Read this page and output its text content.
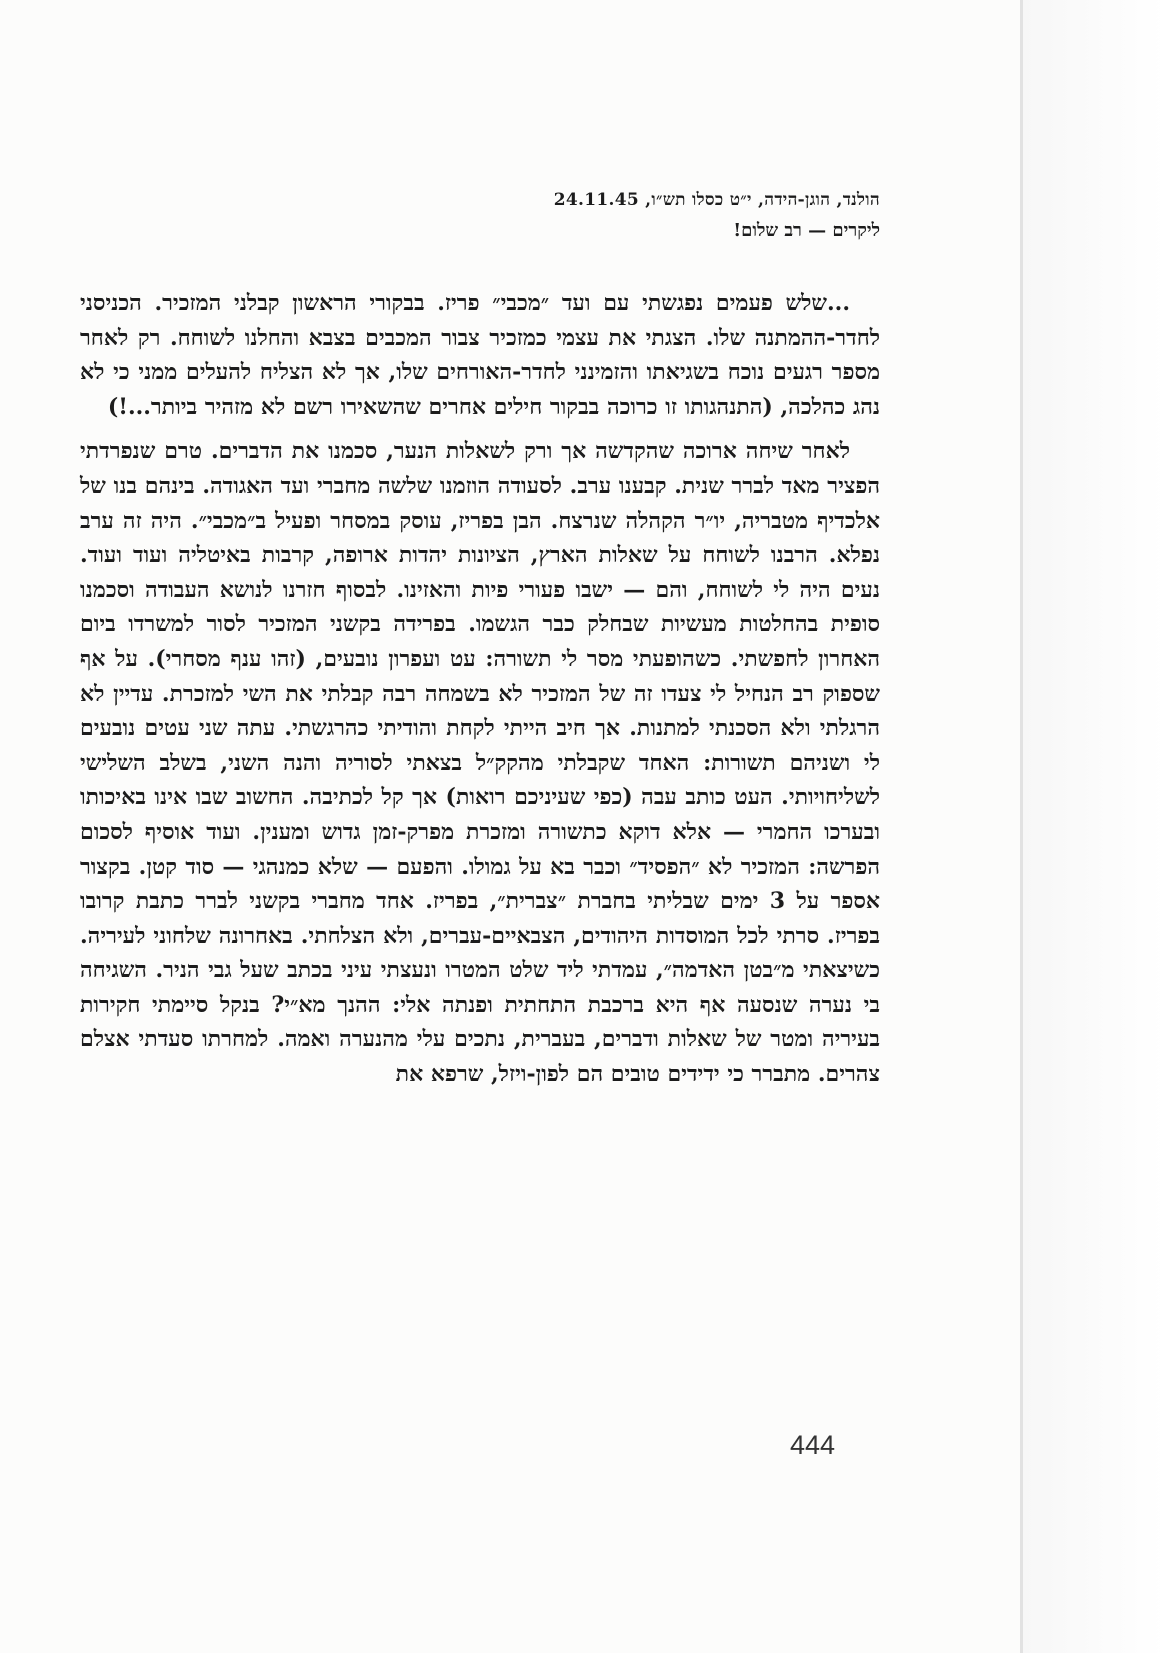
הולנד, הוגן-הידה, י״ט כסלו תש״ו, 24.11.45
ליקרים — רב שלום!

...שלש פעמים נפגשתי עם ועד ״מכבי״ פריז. בבקורי הראשון קבלני המזכיר. הכניסני לחדר-ההמתנה שלו. הצגתי את עצמי כמזכיר צבור המכבים בצבא והחלנו לשוחח. רק לאחר מספר רגעים נוכח בשגיאתו והזמינני לחדר-האורחים שלו, אך לא הצליח להעלים ממני כי לא נהג כהלכה, (התנהגותו זו כרוכה בבקור חילים אחרים שהשאירו רשם לא מזהיר ביותר...!)

לאחר שיחה ארוכה שהקדשה אך ורק לשאלות הנער, סכמנו את הדברים. טרם שנפרדתי הפציר מאד לברר שנית. קבענו ערב. לסעודה הוזמנו שלשה מחברי ועד האגודה. בינהם בנו של אלכדיף מטבריה, יו״ר הקהלה שנרצח. הבן בפריז, עוסק במסחר ופעיל ב״מכבי״. היה זה ערב נפלא. הרבנו לשוחח על שאלות הארץ, הציונות יהדות ארופה, קרבות באיטליה ועוד ועוד. נעים היה לי לשוחח, והם — ישבו פעורי פיות והאזינו. לבסוף חזרנו לנושא העבודה וסכמנו סופית בהחלטות מעשיות שבחלק כבר הגשמו. בפרידה בקשני המזכיר לסור למשרדו ביום האחרון לחפשתי. כשהופעתי מסר לי תשורה: עט ועפרון נובעים, (זהו ענף מסחרי). על אף שספוק רב הנחיל לי צעדו זה של המזכיר לא בשמחה רבה קבלתי את השי למזכרת. עדיין לא הרגלתי ולא הסכנתי למתנות. אך חיב הייתי לקחת והודיתי כהרגשתי. עתה שני עטים נובעים לי ושניהם תשורות: האחד שקבלתי מהקק״ל בצאתי לסוריה והנה השני, בשלב השלישי לשליחויותי. העט כותב עבה (כפי שעיניכם רואות) אך קל לכתיבה. החשוב שבו אינו באיכותו ובערכו החמרי — אלא דוקא כתשורה ומזכרת מפרק-זמן גדוש ומענין. ועוד אוסיף לסכום הפרשה: המזכיר לא ״הפסיד״ וכבר בא על גמולו. והפעם — שלא כמנהגי — סוד קטן. בקצור אספר על 3 ימים שבליתי בחברת ״צברית״, בפריז. אחד מחברי בקשני לברר כתבת קרובו בפריז. סרתי לכל המוסדות היהודים, הצבאיים-עברים, ולא הצלחתי. באחרונה שלחוני לעיריה. כשיצאתי מ״בטן האדמה״, עמדתי ליד שלט המטרו ונעצתי עיני בכתב שעל גבי הניר. השגיחה בי נערה שנסעה אף היא ברכבת התחתית ופנתה אלי: ההנך מא״י? בנקל סיימתי חקירות בעיריה ומטר של שאלות ודברים, בעברית, נתכים עלי מהנערה ואמה. למחרתו סעדתי אצלם צהרים. מתברר כי ידידים טובים הם לפון-ויזל, שרפא את

444
